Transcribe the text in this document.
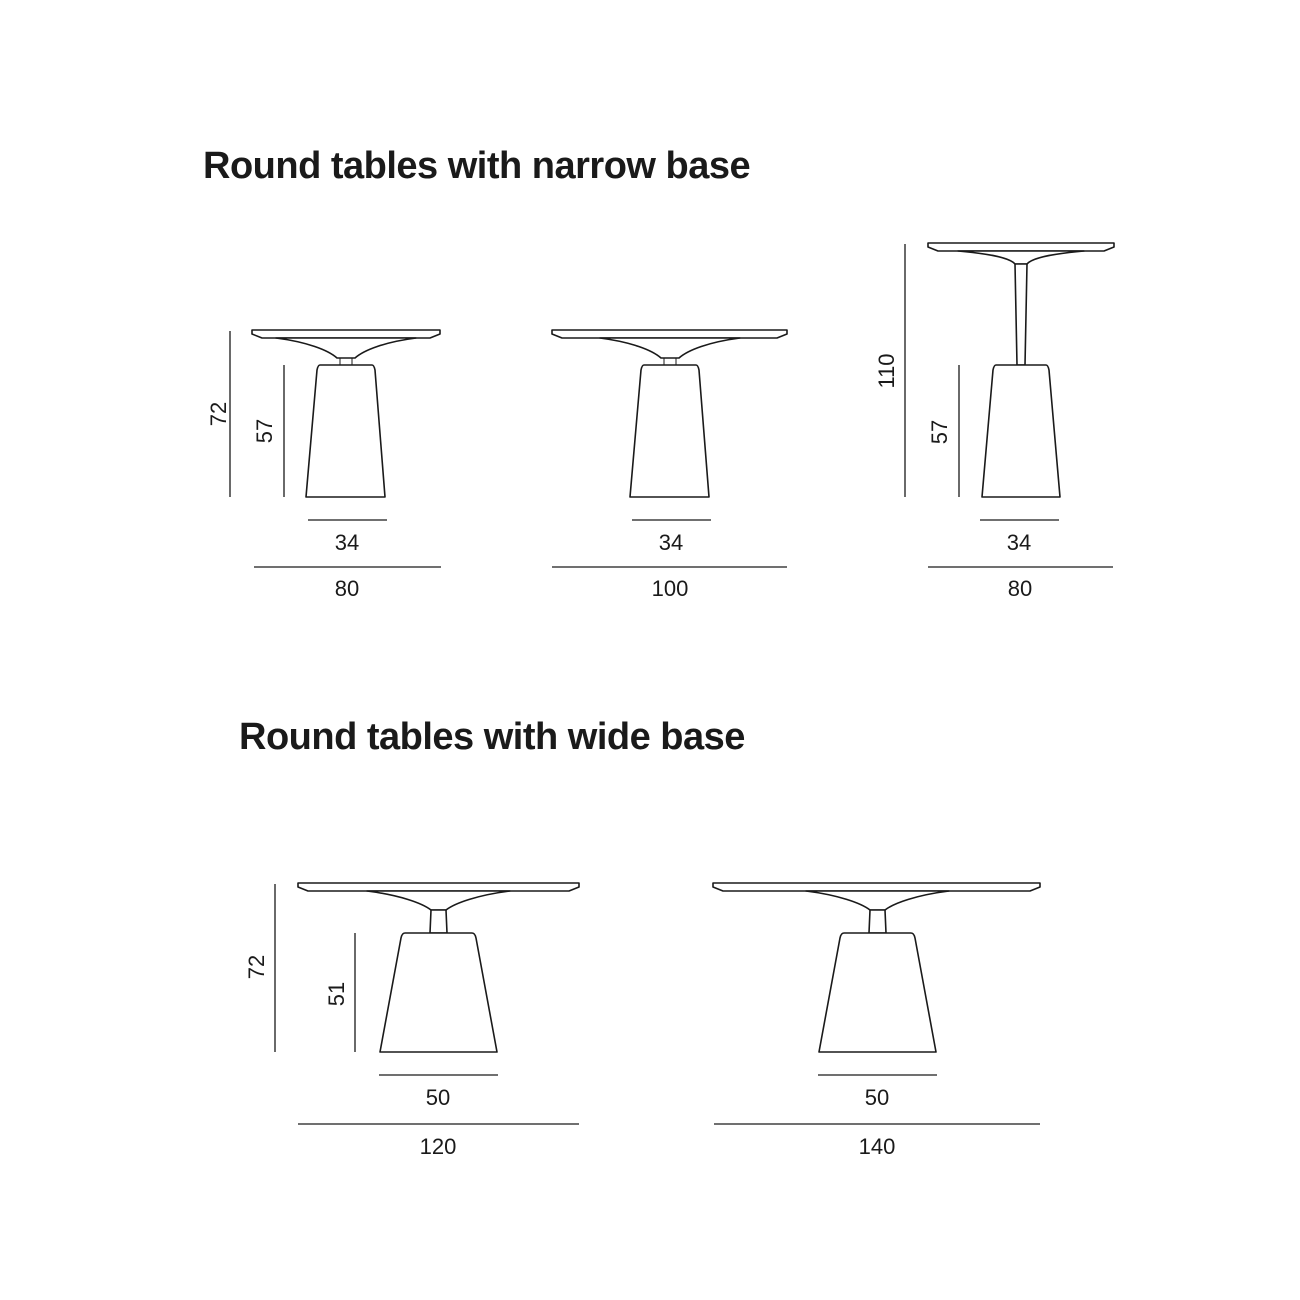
Round tables with narrow base
Round tables with wide base
72
57
34
80
34
100
110
57
34
80
72
51
50
120
50
140
